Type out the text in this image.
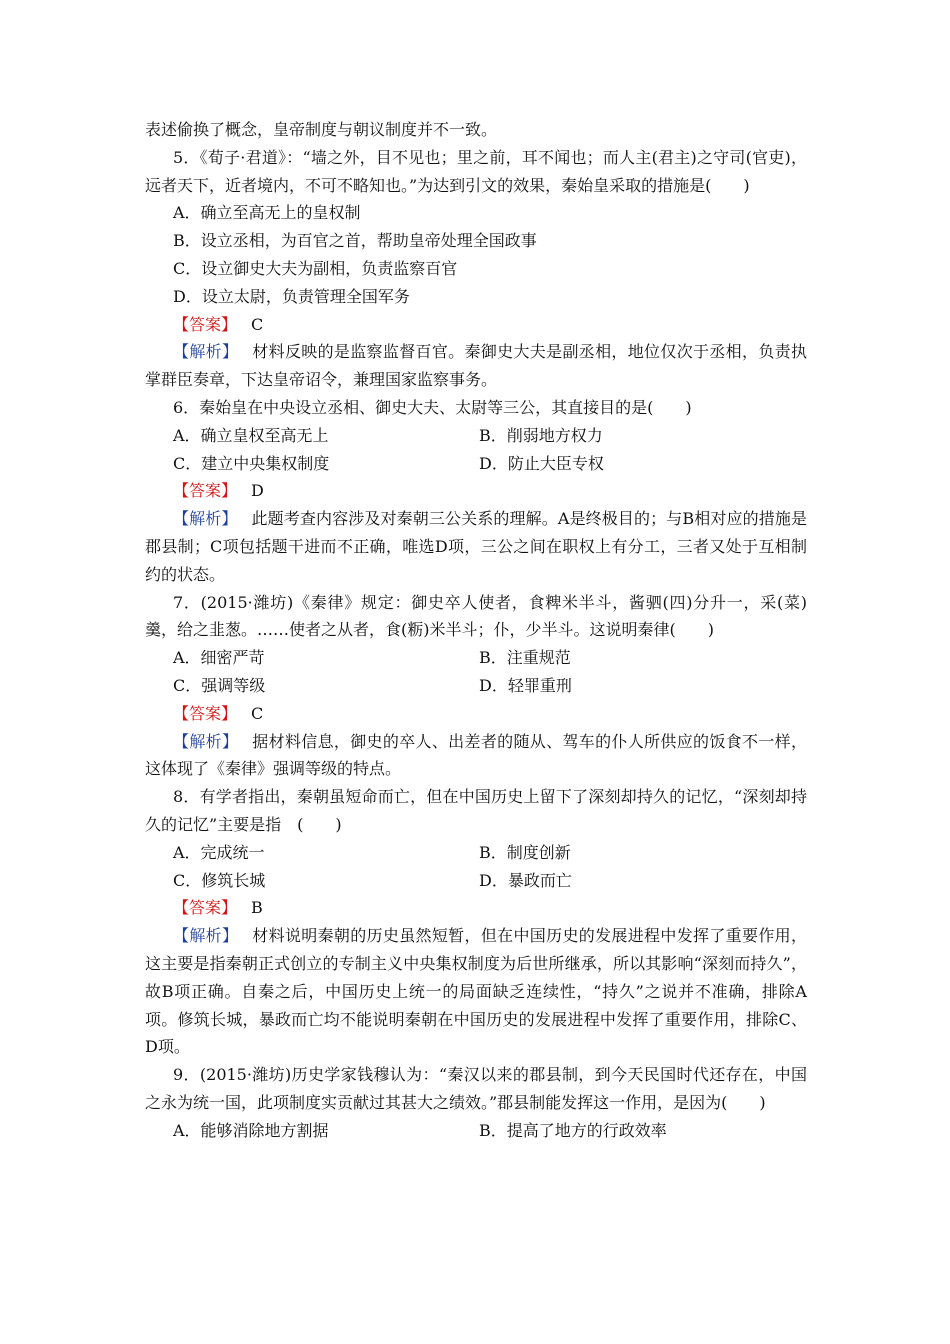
表述偷换了概念，皇帝制度与朝议制度并不一致。

5．《荀子·君道》：“墙之外，目不见也；里之前，耳不闻也；而人主(君主)之守司(官吏)，远者天下，近者境内，不可不略知也。”为达到引文的效果，秦始皇采取的措施是(　　)

A．确立至高无上的皇权制

B．设立丞相，为百官之首，帮助皇帝处理全国政事

C．设立御史大夫为副相，负责监察百官

D．设立太尉，负责管理全国军务

【答案】 C

【解析】 材料反映的是监察监督百官。秦御史大夫是副丞相，地位仅次于丞相，负责执掌群臣奏章，下达皇帝诏令，兼理国家监察事务。

6．秦始皇在中央设立丞相、御史大夫、太尉等三公，其直接目的是(　　)

A．确立皇权至高无上	B．削弱地方权力
C．建立中央集权制度	D．防止大臣专权

【答案】 D

【解析】 此题考查内容涉及对秦朝三公关系的理解。A是终极目的；与B相对应的措施是郡县制；C项包括题干进而不正确，唯选D项，三公之间在职权上有分工，三者又处于互相制约的状态。

7．(2015·潍坊)《秦律》规定：御史卒人使者，食粺米半斗，酱驷(四)分升一，采(菜)羹，给之韭葱。……使者之从者，食(粝)米半斗；仆，少半斗。这说明秦律(　　)

A．细密严苛	B．注重规范
C．强调等级	D．轻罪重刑

【答案】 C

【解析】 据材料信息，御史的卒人、出差者的随从、驾车的仆人所供应的饭食不一样，这体现了《秦律》强调等级的特点。

8．有学者指出，秦朝虽短命而亡，但在中国历史上留下了深刻却持久的记忆，“深刻却持久的记忆”主要是指　(　　)

A．完成统一	B．制度创新
C．修筑长城	D．暴政而亡

【答案】 B

【解析】 材料说明秦朝的历史虽然短暂，但在中国历史的发展进程中发挥了重要作用，这主要是指秦朝正式创立的专制主义中央集权制度为后世所继承，所以其影响“深刻而持久”，故B项正确。自秦之后，中国历史上统一的局面缺乏连续性，“持久”之说并不准确，排除A项。修筑长城，暴政而亡均不能说明秦朝在中国历史的发展进程中发挥了重要作用，排除C、D项。

9．(2015·潍坊)历史学家钱穆认为：“秦汉以来的郡县制，到今天民国时代还存在，中国之永为统一国，此项制度实贡献过其甚大之绩效。”郡县制能发挥这一作用，是因为(　　)

A．能够消除地方割据	B．提高了地方的行政效率
